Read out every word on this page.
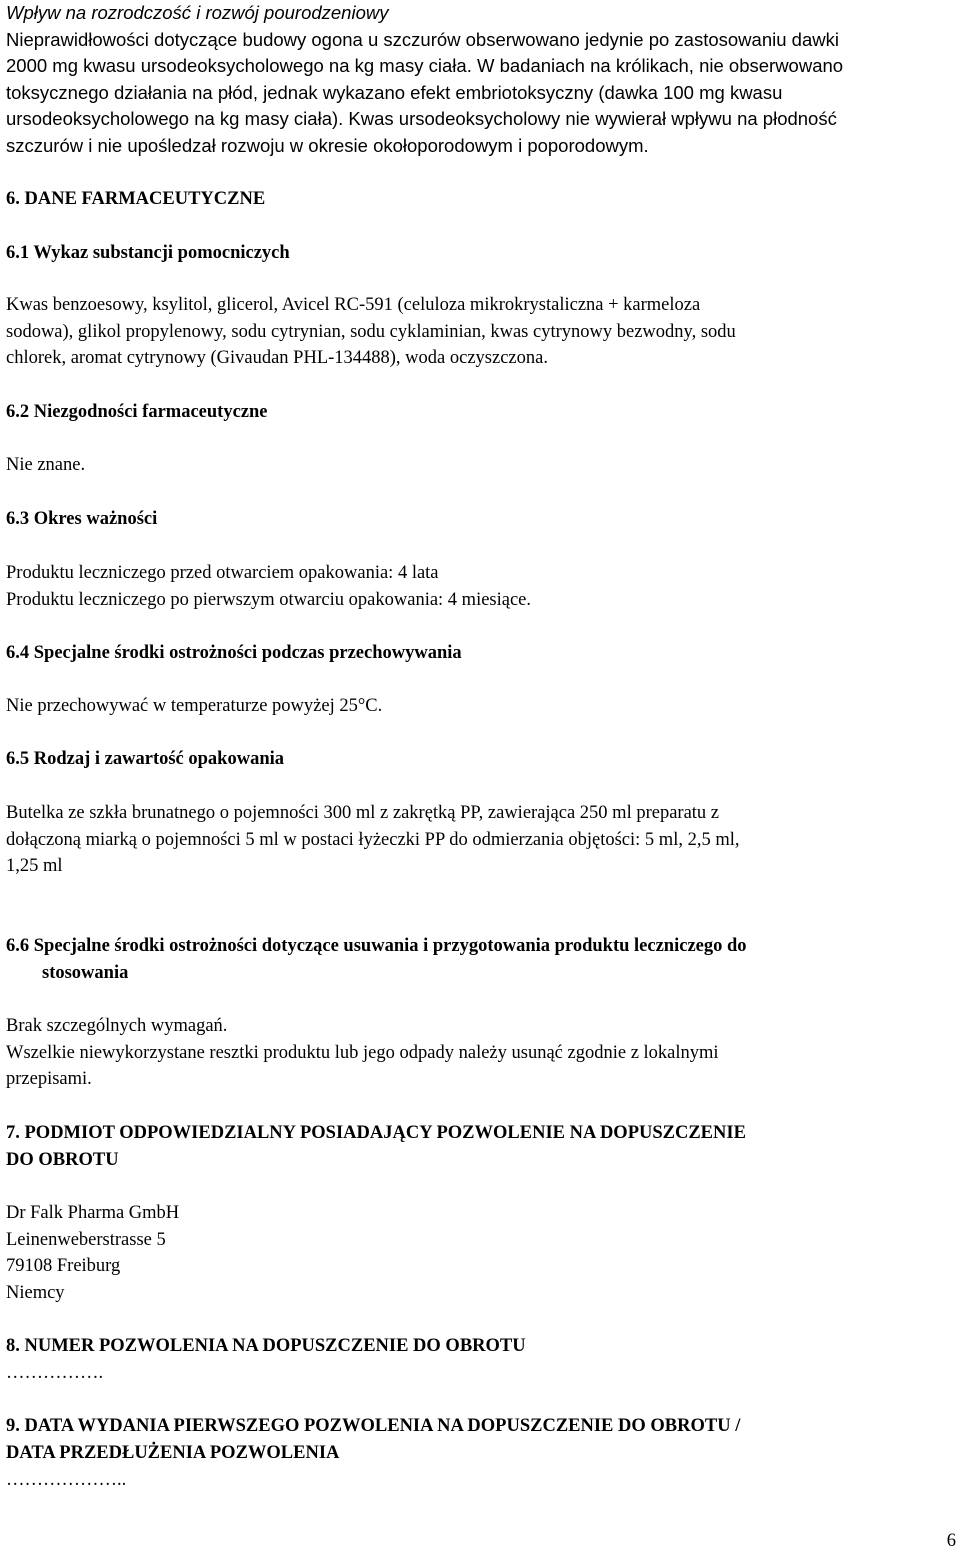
Wpływ na rozrodczość i rozwój pourodzeniowy
Nieprawidłowości dotyczące budowy ogona u szczurów obserwowano jedynie po zastosowaniu dawki
2000 mg kwasu ursodeoksycholowego na kg masy ciała. W badaniach na królikach, nie obserwowano
toksycznego działania na płód, jednak wykazano efekt embriotoksyczny (dawka 100 mg kwasu
ursodeoksycholowego na kg masy ciała). Kwas ursodeoksycholowy nie wywierał wpływu na płodność
szczurów i nie upośledzał rozwoju w okresie okołoporodowym i poporodowym.
6. DANE FARMACEUTYCZNE
6.1 Wykaz substancji pomocniczych
Kwas benzoesowy, ksylitol, glicerol, Avicel RC-591 (celuloza mikrokrystaliczna + karmeloza
sodowa), glikol propylenowy, sodu cytrynian, sodu cyklaminian, kwas cytrynowy bezwodny, sodu
chlorek, aromat cytrynowy (Givaudan PHL-134488), woda oczyszczona.
6.2 Niezgodności farmaceutyczne
Nie znane.
6.3 Okres ważności
Produktu leczniczego przed otwarciem opakowania: 4 lata
Produktu leczniczego po pierwszym otwarciu opakowania: 4 miesiące.
6.4 Specjalne środki ostrożności podczas przechowywania
Nie przechowywać w temperaturze powyżej 25°C.
6.5 Rodzaj i zawartość opakowania
Butelka ze szkła brunatnego o pojemności 300 ml z zakrętką PP, zawierająca 250 ml preparatu z
dołączoną miarką o pojemności 5 ml w postaci łyżeczki PP do odmierzania objętości: 5 ml, 2,5 ml,
1,25 ml
6.6 Specjalne środki ostrożności dotyczące usuwania i przygotowania produktu leczniczego do
stosowania
Brak szczególnych wymagań.
Wszelkie niewykorzystane resztki produktu lub jego odpady należy usunąć zgodnie z lokalnymi
przepisami.
7. PODMIOT ODPOWIEDZIALNY POSIADAJĄCY POZWOLENIE NA DOPUSZCZENIE
DO OBROTU
Dr Falk Pharma GmbH
Leinenweberstrasse 5
79108 Freiburg
Niemcy
8. NUMER POZWOLENIA NA DOPUSZCZENIE DO OBROTU
…………….
9. DATA WYDANIA PIERWSZEGO POZWOLENIA NA DOPUSZCZENIE DO OBROTU /
DATA PRZEDŁUŻENIA POZWOLENIA
………………..
6
